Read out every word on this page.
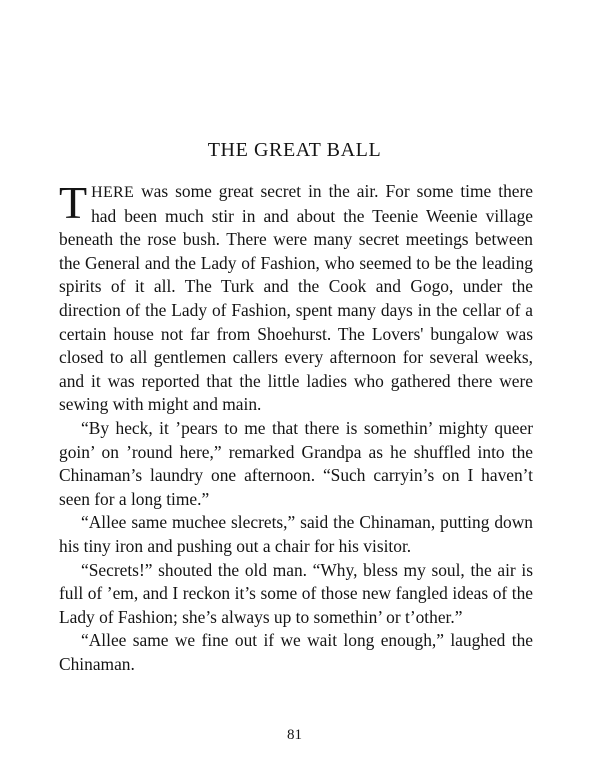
THE GREAT BALL

THERE was some great secret in the air. For some time there had been much stir in and about the Teenie Weenie village beneath the rose bush. There were many secret meetings between the General and the Lady of Fashion, who seemed to be the leading spirits of it all. The Turk and the Cook and Gogo, under the direction of the Lady of Fashion, spent many days in the cellar of a certain house not far from Shoehurst. The Lovers' bungalow was closed to all gentlemen callers every afternoon for several weeks, and it was reported that the little ladies who gathered there were sewing with might and main.

“By heck, it ’pears to me that there is somethin’ mighty queer goin’ on ’round here,” remarked Grandpa as he shuffled into the Chinaman’s laundry one afternoon. “Such carryin’s on I haven’t seen for a long time.”

“Allee same muchee slecrets,” said the Chinaman, putting down his tiny iron and pushing out a chair for his visitor.

“Secrets!” shouted the old man. “Why, bless my soul, the air is full of ’em, and I reckon it’s some of those new fangled ideas of the Lady of Fashion; she’s always up to somethin’ or t’other.”

“Allee same we fine out if we wait long enough,” laughed the Chinaman.

81
